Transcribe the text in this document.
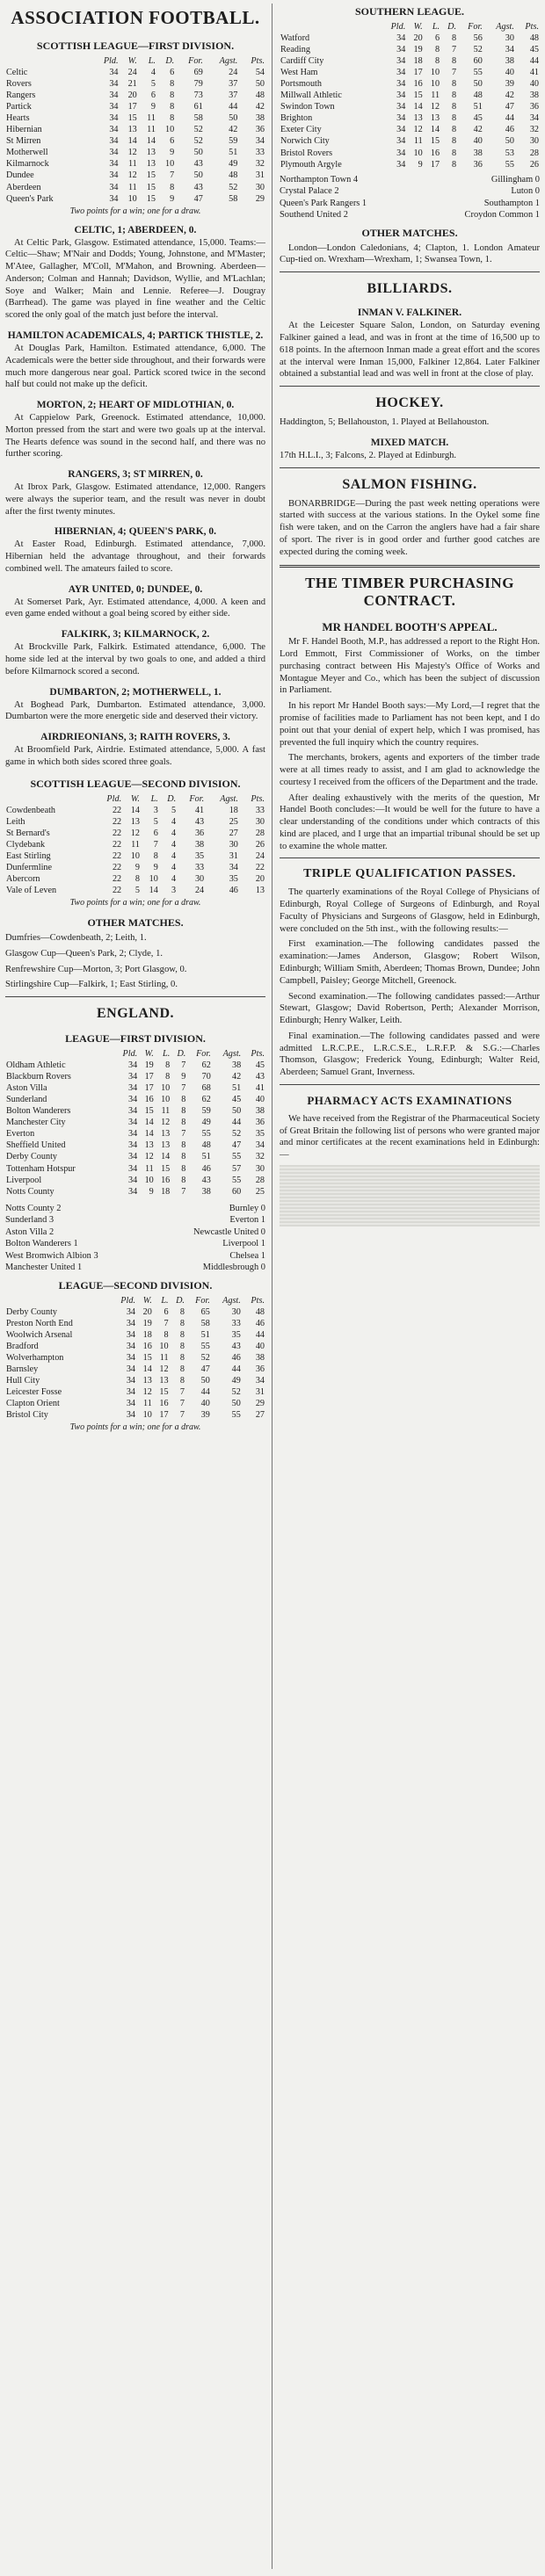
ASSOCIATION FOOTBALL.
SCOTTISH LEAGUE—FIRST DIVISION.
	Pld.	W.	L.	D.	For.	Agst.	Pts.
Celtic	34	24	4	6	69	24	54
Rovers	34	21	5	8	79	37	50
Rangers	34	20	6	8	73	37	48
Partick	34	17	9	8	61	44	42
Hearts	34	15	11	8	58	50	38
Hibernian	34	13	11	10	52	42	36
St Mirren	34	14	14	6	52	59	34
Motherwell	34	12	13	9	50	51	33
Kilmarnock	34	11	13	10	43	49	32
Dundee	34	12	15	7	50	48	31
Aberdeen	34	11	15	8	43	52	30
Queen's Park	34	10	15	9	47	58	29
Two points for a win; one for a draw.
CELTIC, 1; ABERDEEN, 0.

At Celtic Park, Glasgow. Estimated attendance, 15,000. Teams:—Celtic—Shaw; M'Nair and Dodds; Young, Johnstone, and M'Master; M'Atee, Gallagher, M'Coll, M'Mahon, and Browning. Aberdeen—Anderson; Colman and Hannah; Davidson, Wyllie, and M'Lachlan; Soye and Walker; Main and Lennie. Referee—J. Dougray (Barrhead). The game was played in fine weather and the Celtic scored the only goal of the match just before the interval.

HAMILTON ACADEMICALS, 4; PARTICK THISTLE, 2.

At Douglas Park, Hamilton. Estimated attendance, 6,000. The Academicals were the better side throughout, and their forwards were much more dangerous near goal. Partick scored twice in the second half but could not make up the deficit.

MORTON, 2; HEART OF MIDLOTHIAN, 0.

At Cappielow Park, Greenock. Estimated attendance, 10,000. Morton pressed from the start and were two goals up at the interval. The Hearts defence was sound in the second half, and there was no further scoring.

RANGERS, 3; ST MIRREN, 0.

At Ibrox Park, Glasgow. Estimated attendance, 12,000. Rangers were always the superior team, and the result was never in doubt after the first twenty minutes.

HIBERNIAN, 4; QUEEN'S PARK, 0.

At Easter Road, Edinburgh. Estimated attendance, 7,000. Hibernian held the advantage throughout, and their forwards combined well. The amateurs failed to score.

AYR UNITED, 0; DUNDEE, 0.

At Somerset Park, Ayr. Estimated attendance, 4,000. A keen and even game ended without a goal being scored by either side.

FALKIRK, 3; KILMARNOCK, 2.

At Brockville Park, Falkirk. Estimated attendance, 6,000. The home side led at the interval by two goals to one, and added a third before Kilmarnock scored a second.

DUMBARTON, 2; MOTHERWELL, 1.

At Boghead Park, Dumbarton. Estimated attendance, 3,000. Dumbarton were the more energetic side and deserved their victory.

AIRDRIEONIANS, 3; RAITH ROVERS, 3.

At Broomfield Park, Airdrie. Estimated attendance, 5,000. A fast game in which both sides scored three goals.

SCOTTISH LEAGUE—SECOND DIVISION.
	Pld.	W.	L.	D.	For.	Agst.	Pts.
Cowdenbeath	22	14	3	5	41	18	33
Leith	22	13	5	4	43	25	30
St Bernard's	22	12	6	4	36	27	28
Clydebank	22	11	7	4	38	30	26
East Stirling	22	10	8	4	35	31	24
Dunfermline	22	9	9	4	33	34	22
Abercorn	22	8	10	4	30	35	20
Vale of Leven	22	5	14	3	24	46	13
Two points for a win; one for a draw.
OTHER MATCHES.

Dumfries—Cowdenbeath, 2; Leith, 1.

Glasgow Cup—Queen's Park, 2; Clyde, 1.

Renfrewshire Cup—Morton, 3; Port Glasgow, 0.

Stirlingshire Cup—Falkirk, 1; East Stirling, 0.

ENGLAND.
LEAGUE—FIRST DIVISION.
	Pld.	W.	L.	D.	For.	Agst.	Pts.
Oldham Athletic	34	19	8	7	62	38	45
Blackburn Rovers	34	17	8	9	70	42	43
Aston Villa	34	17	10	7	68	51	41
Sunderland	34	16	10	8	62	45	40
Bolton Wanderers	34	15	11	8	59	50	38
Manchester City	34	14	12	8	49	44	36
Everton	34	14	13	7	55	52	35
Sheffield United	34	13	13	8	48	47	34
Derby County	34	12	14	8	51	55	32
Tottenham Hotspur	34	11	15	8	46	57	30
Liverpool	34	10	16	8	43	55	28
Notts County	34	9	18	7	38	60	25
Notts County 2	Burnley 0
Sunderland 3	Everton 1
Aston Villa 2	Newcastle United 0
Bolton Wanderers 1	Liverpool 1
West Bromwich Albion 3	Chelsea 1
Manchester United 1	Middlesbrough 0
LEAGUE—SECOND DIVISION.
	Pld.	W.	L.	D.	For.	Agst.	Pts.
Derby County	34	20	6	8	65	30	48
Preston North End	34	19	7	8	58	33	46
Woolwich Arsenal	34	18	8	8	51	35	44
Bradford	34	16	10	8	55	43	40
Wolverhampton	34	15	11	8	52	46	38
Barnsley	34	14	12	8	47	44	36
Hull City	34	13	13	8	50	49	34
Leicester Fosse	34	12	15	7	44	52	31
Clapton Orient	34	11	16	7	40	50	29
Bristol City	34	10	17	7	39	55	27
Two points for a win; one for a draw.
SOUTHERN LEAGUE.
	Pld.	W.	L.	D.	For.	Agst.	Pts.
Watford	34	20	6	8	56	30	48
Reading	34	19	8	7	52	34	45
Cardiff City	34	18	8	8	60	38	44
West Ham	34	17	10	7	55	40	41
Portsmouth	34	16	10	8	50	39	40
Millwall Athletic	34	15	11	8	48	42	38
Swindon Town	34	14	12	8	51	47	36
Brighton	34	13	13	8	45	44	34
Exeter City	34	12	14	8	42	46	32
Norwich City	34	11	15	8	40	50	30
Bristol Rovers	34	10	16	8	38	53	28
Plymouth Argyle	34	9	17	8	36	55	26
Northampton Town 4	Gillingham 0
Crystal Palace 2	Luton 0
Queen's Park Rangers 1	Southampton 1
Southend United 2	Croydon Common 1
OTHER MATCHES.

London—London Caledonians, 4; Clapton, 1. London Amateur Cup-tied on. Wrexham—Wrexham, 1; Swansea Town, 1.

BILLIARDS.
INMAN V. FALKINER.

At the Leicester Square Salon, London, on Saturday evening Falkiner gained a lead, and was in front at the time of 16,500 up to 618 points. In the afternoon Inman made a great effort and the scores at the interval were Inman 15,000, Falkiner 12,864. Later Falkiner obtained a substantial lead and was well in front at the close of play.

HOCKEY.

Haddington, 5; Bellahouston, 1. Played at Bellahouston.

MIXED MATCH.

17th H.L.I., 3; Falcons, 2. Played at Edinburgh.

SALMON FISHING.

BONARBRIDGE—During the past week netting operations were started with success at the various stations. In the Oykel some fine fish were taken, and on the Carron the anglers have had a fair share of sport. The river is in good order and further good catches are expected during the coming week.

THE TIMBER PURCHASING CONTRACT.
MR HANDEL BOOTH'S APPEAL.

Mr F. Handel Booth, M.P., has addressed a report to the Right Hon. Lord Emmott, First Commissioner of Works, on the timber purchasing contract between His Majesty's Office of Works and Montague Meyer and Co., which has been the subject of discussion in Parliament.

In his report Mr Handel Booth says:—My Lord,—I regret that the promise of facilities made to Parliament has not been kept, and I do point out that your denial of expert help, which I was promised, has prevented the full inquiry which the country requires.

The merchants, brokers, agents and exporters of the timber trade were at all times ready to assist, and I am glad to acknowledge the courtesy I received from the officers of the Department and the trade.

After dealing exhaustively with the merits of the question, Mr Handel Booth concludes:—It would be well for the future to have a clear understanding of the conditions under which contracts of this kind are placed, and I urge that an impartial tribunal should be set up to examine the whole matter.

TRIPLE QUALIFICATION PASSES.

The quarterly examinations of the Royal College of Physicians of Edinburgh, Royal College of Surgeons of Edinburgh, and Royal Faculty of Physicians and Surgeons of Glasgow, held in Edinburgh, were concluded on the 5th inst., with the following results:—

First examination.—The following candidates passed the examination:—James Anderson, Glasgow; Robert Wilson, Edinburgh; William Smith, Aberdeen; Thomas Brown, Dundee; John Campbell, Paisley; George Mitchell, Greenock.

Second examination.—The following candidates passed:—Arthur Stewart, Glasgow; David Robertson, Perth; Alexander Morrison, Edinburgh; Henry Walker, Leith.

Final examination.—The following candidates passed and were admitted L.R.C.P.E., L.R.C.S.E., L.R.F.P. & S.G.:—Charles Thomson, Glasgow; Frederick Young, Edinburgh; Walter Reid, Aberdeen; Samuel Grant, Inverness.

PHARMACY ACTS EXAMINATIONS

We have received from the Registrar of the Pharmaceutical Society of Great Britain the following list of persons who were granted major and minor certificates at the recent examinations held in Edinburgh:—
